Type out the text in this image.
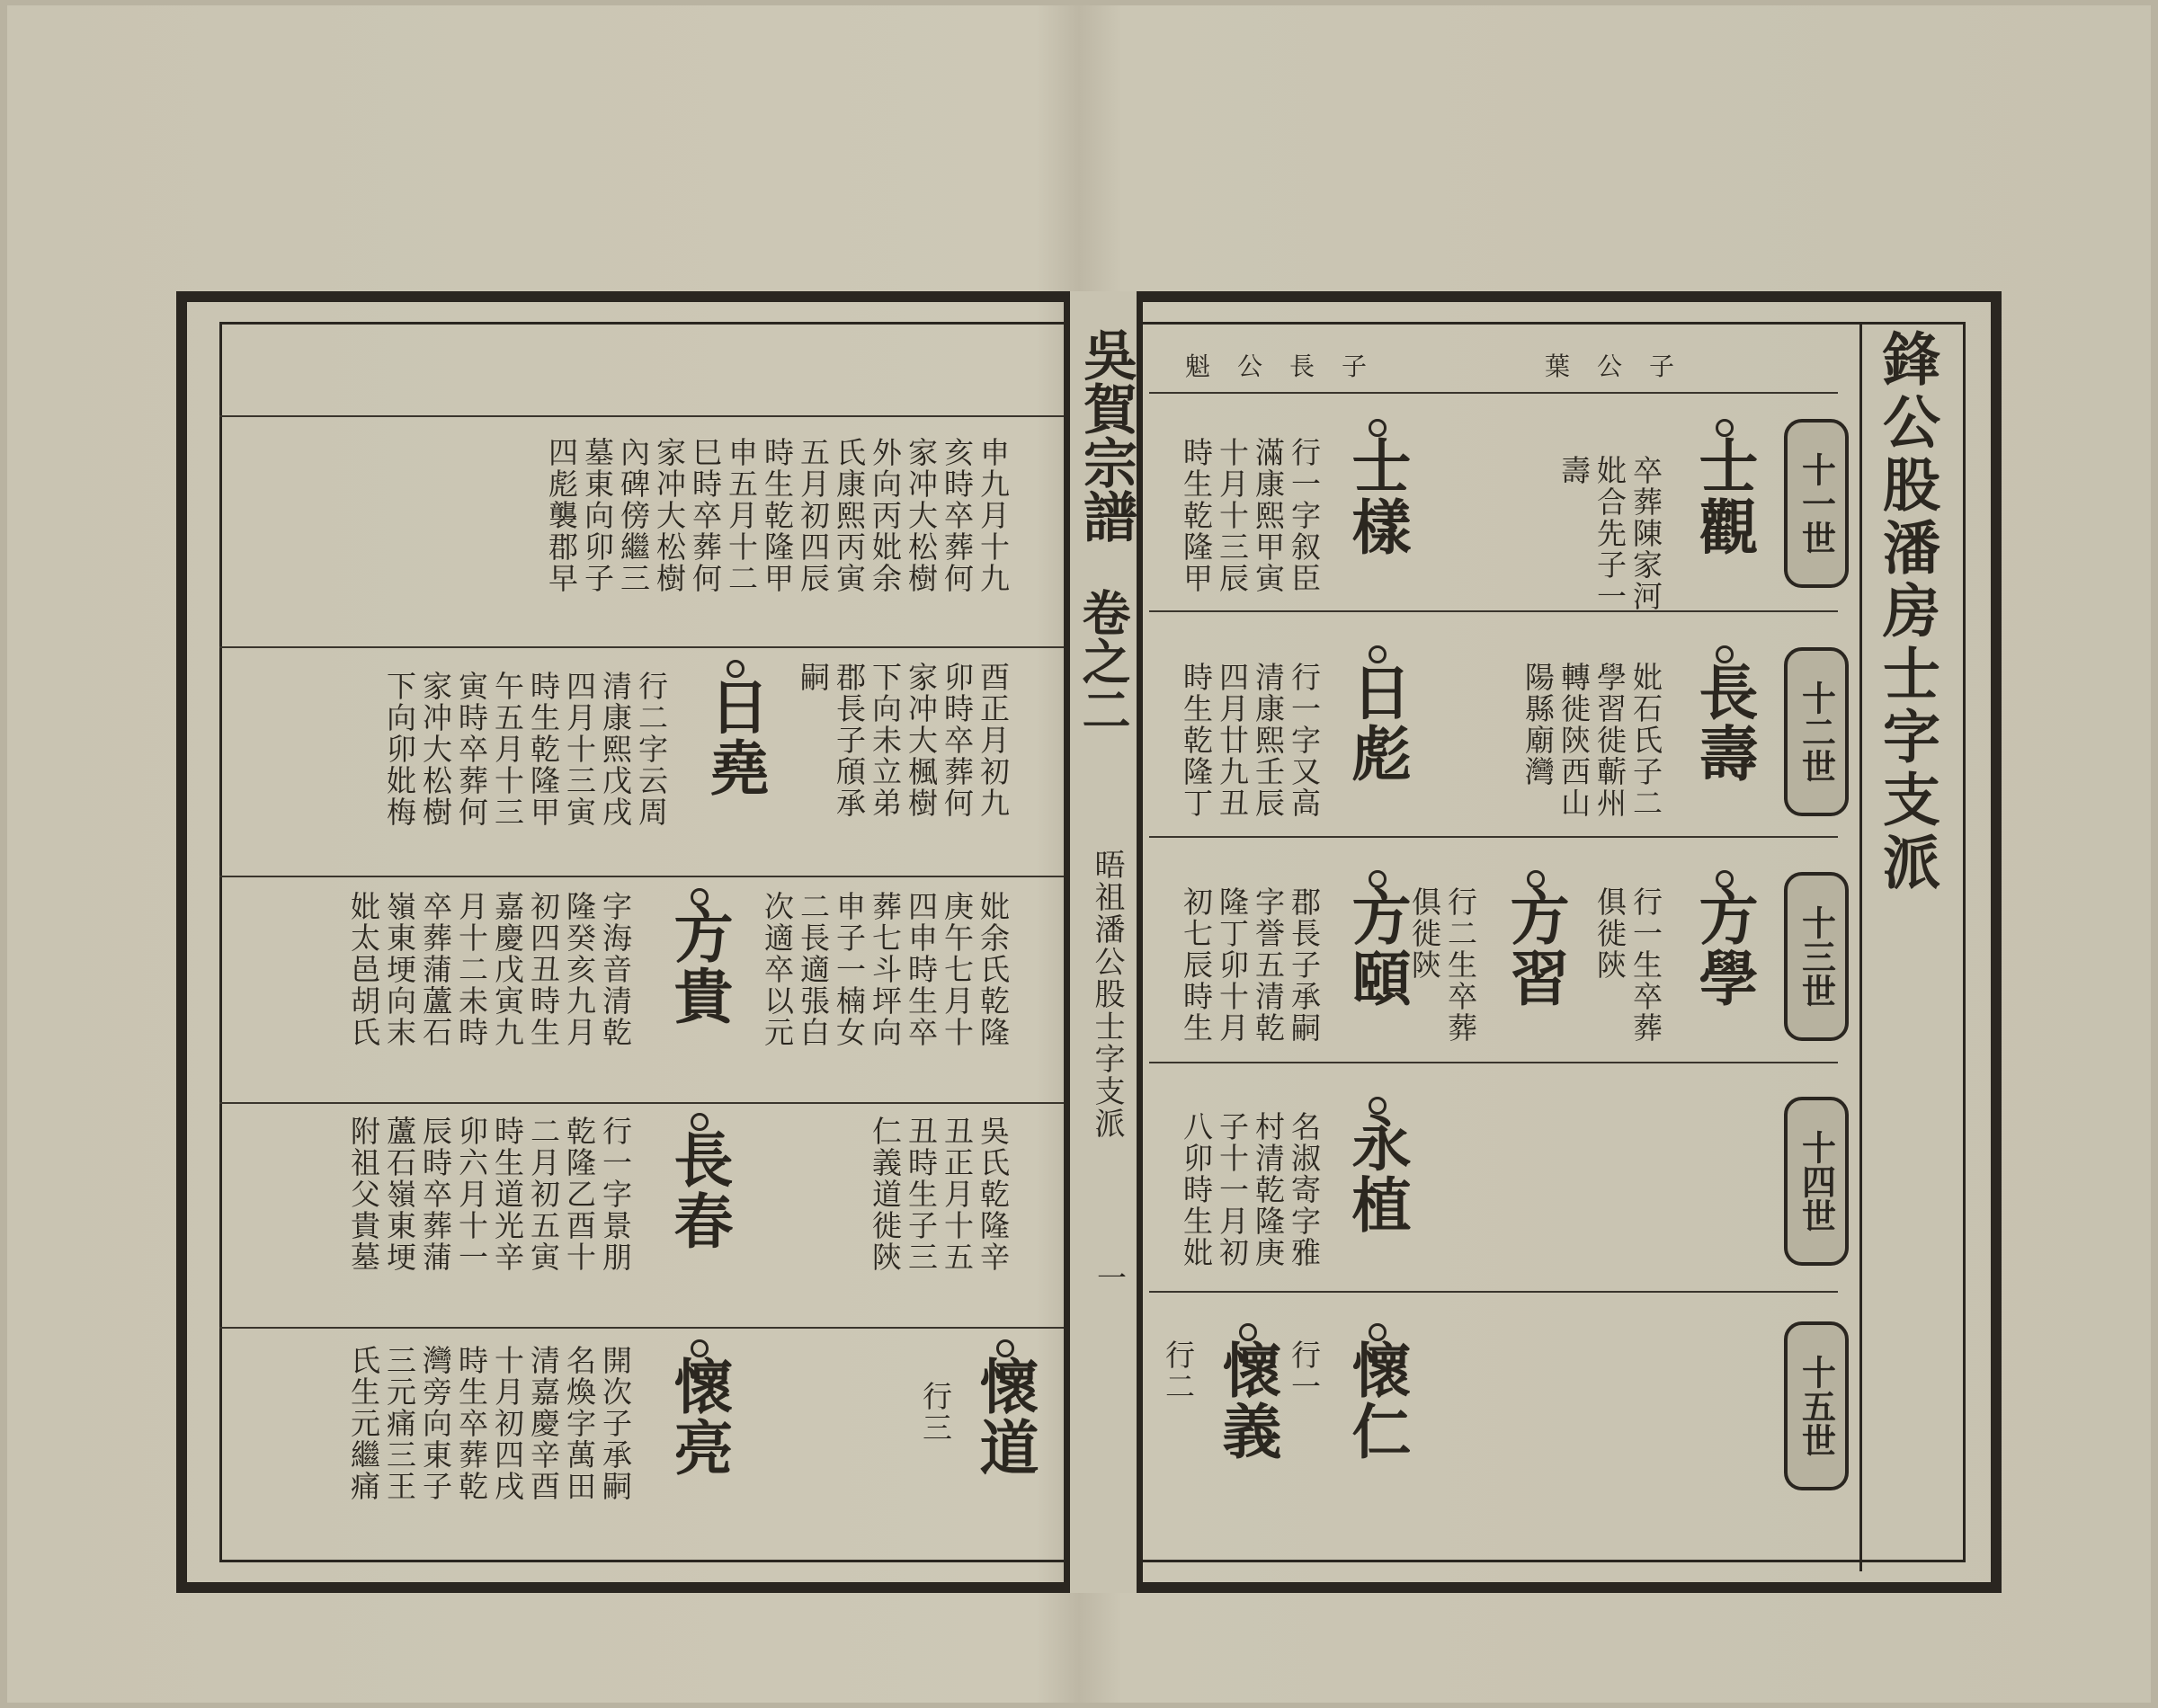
吳賀宗譜
卷之二
晤祖潘公股士字支派
一
葉公子
魁公長子	鋒公股潘房士字支派
十一世
十二世
十三世
十四世
十五世
士觀
卒葬陳家河
妣合先子一
壽
士樣
行一字叙臣
滿康熙甲寅
十月十三辰
時生乾隆甲
長壽
妣石氏子二
學習徙蘄州
轉徙陝西山
陽縣廟灣
日彪
行一字又高
清康熙壬辰
四月廿九丑
時生乾隆丁
方學
行一生卒葬
俱徙陝
方習
行二生卒葬
俱徙陝
方頤
郡長子承嗣
字誉五清乾
隆丁卯十月
初七辰時生
永植
名淑寄字雅
村清乾隆庚
子十一月初
八卯時生妣
懷仁
行一
懷義
行二
申九月十九
亥時卒葬何
家冲大松樹
外向丙妣余
氏康熙丙寅
五月初四辰
時生乾隆甲
申五月十二
巳時卒葬何
家冲大松樹
內碑傍繼三
墓東向卯子
四彪襲郡早
酉正月初九
卯時卒葬何
家冲大楓樹
下向未立弟
郡長子頎承
嗣
日堯
行二字云周
清康熙戊戌
四月十三寅
時生乾隆甲
午五月十三
寅時卒葬何
家冲大松樹
下向卯妣梅
妣余氏乾隆
庚午七月十
四申時生卒
葬七斗坪向
申子一楠女
二長適張白
次適卒以元
方貴
字海音清乾
隆癸亥九月
初四丑時生
嘉慶戊寅九
月十二未時
卒葬蒲蘆石
嶺東埂向末
妣太邑胡氏
吳氏乾隆辛
丑正月十五
丑時生子三
仁義道徙陝
長春
行一字景朋
乾隆乙酉十
二月初五寅
時生道光辛
卯六月十一
辰時卒葬蒲
蘆石嶺東埂
附祖父貴墓
懷道
行三
懷亮
開次子承嗣
名煥字萬田
清嘉慶辛酉
十月初四戌
時生卒葬乾
灣旁向東子
三元痛三王
氏生元繼痛
